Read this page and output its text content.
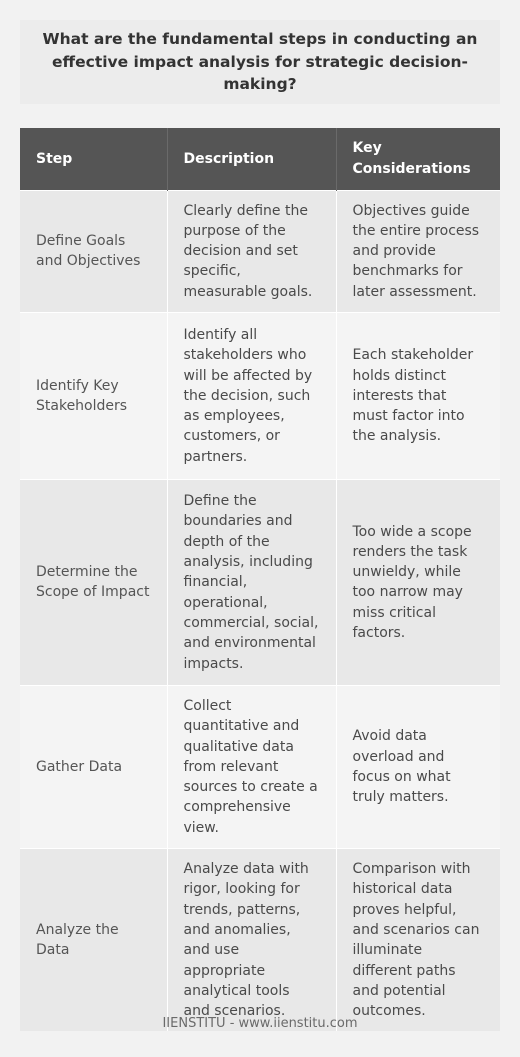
What are the fundamental steps in conducting an effective impact analysis for strategic decision-making?
Step	Description	Key Considerations
Define Goals and Objectives	Clearly define the purpose of the decision and set specific, measurable goals.	Objectives guide the entire process and provide benchmarks for later assessment.
Identify Key Stakeholders	Identify all stakeholders who will be affected by the decision, such as employees, customers, or partners.	Each stakeholder holds distinct interests that must factor into the analysis.
Determine the Scope of Impact	Define the boundaries and depth of the analysis, including financial, operational, commercial, social, and environmental impacts.	Too wide a scope renders the task unwieldy, while too narrow may miss critical factors.
Gather Data	Collect quantitative and qualitative data from relevant sources to create a comprehensive view.	Avoid data overload and focus on what truly matters.
Analyze the Data	Analyze data with rigor, looking for trends, patterns, and anomalies, and use appropriate analytical tools and scenarios.	Comparison with historical data proves helpful, and scenarios can illuminate different paths and potential outcomes.
IIENSTITU - www.iienstitu.com
